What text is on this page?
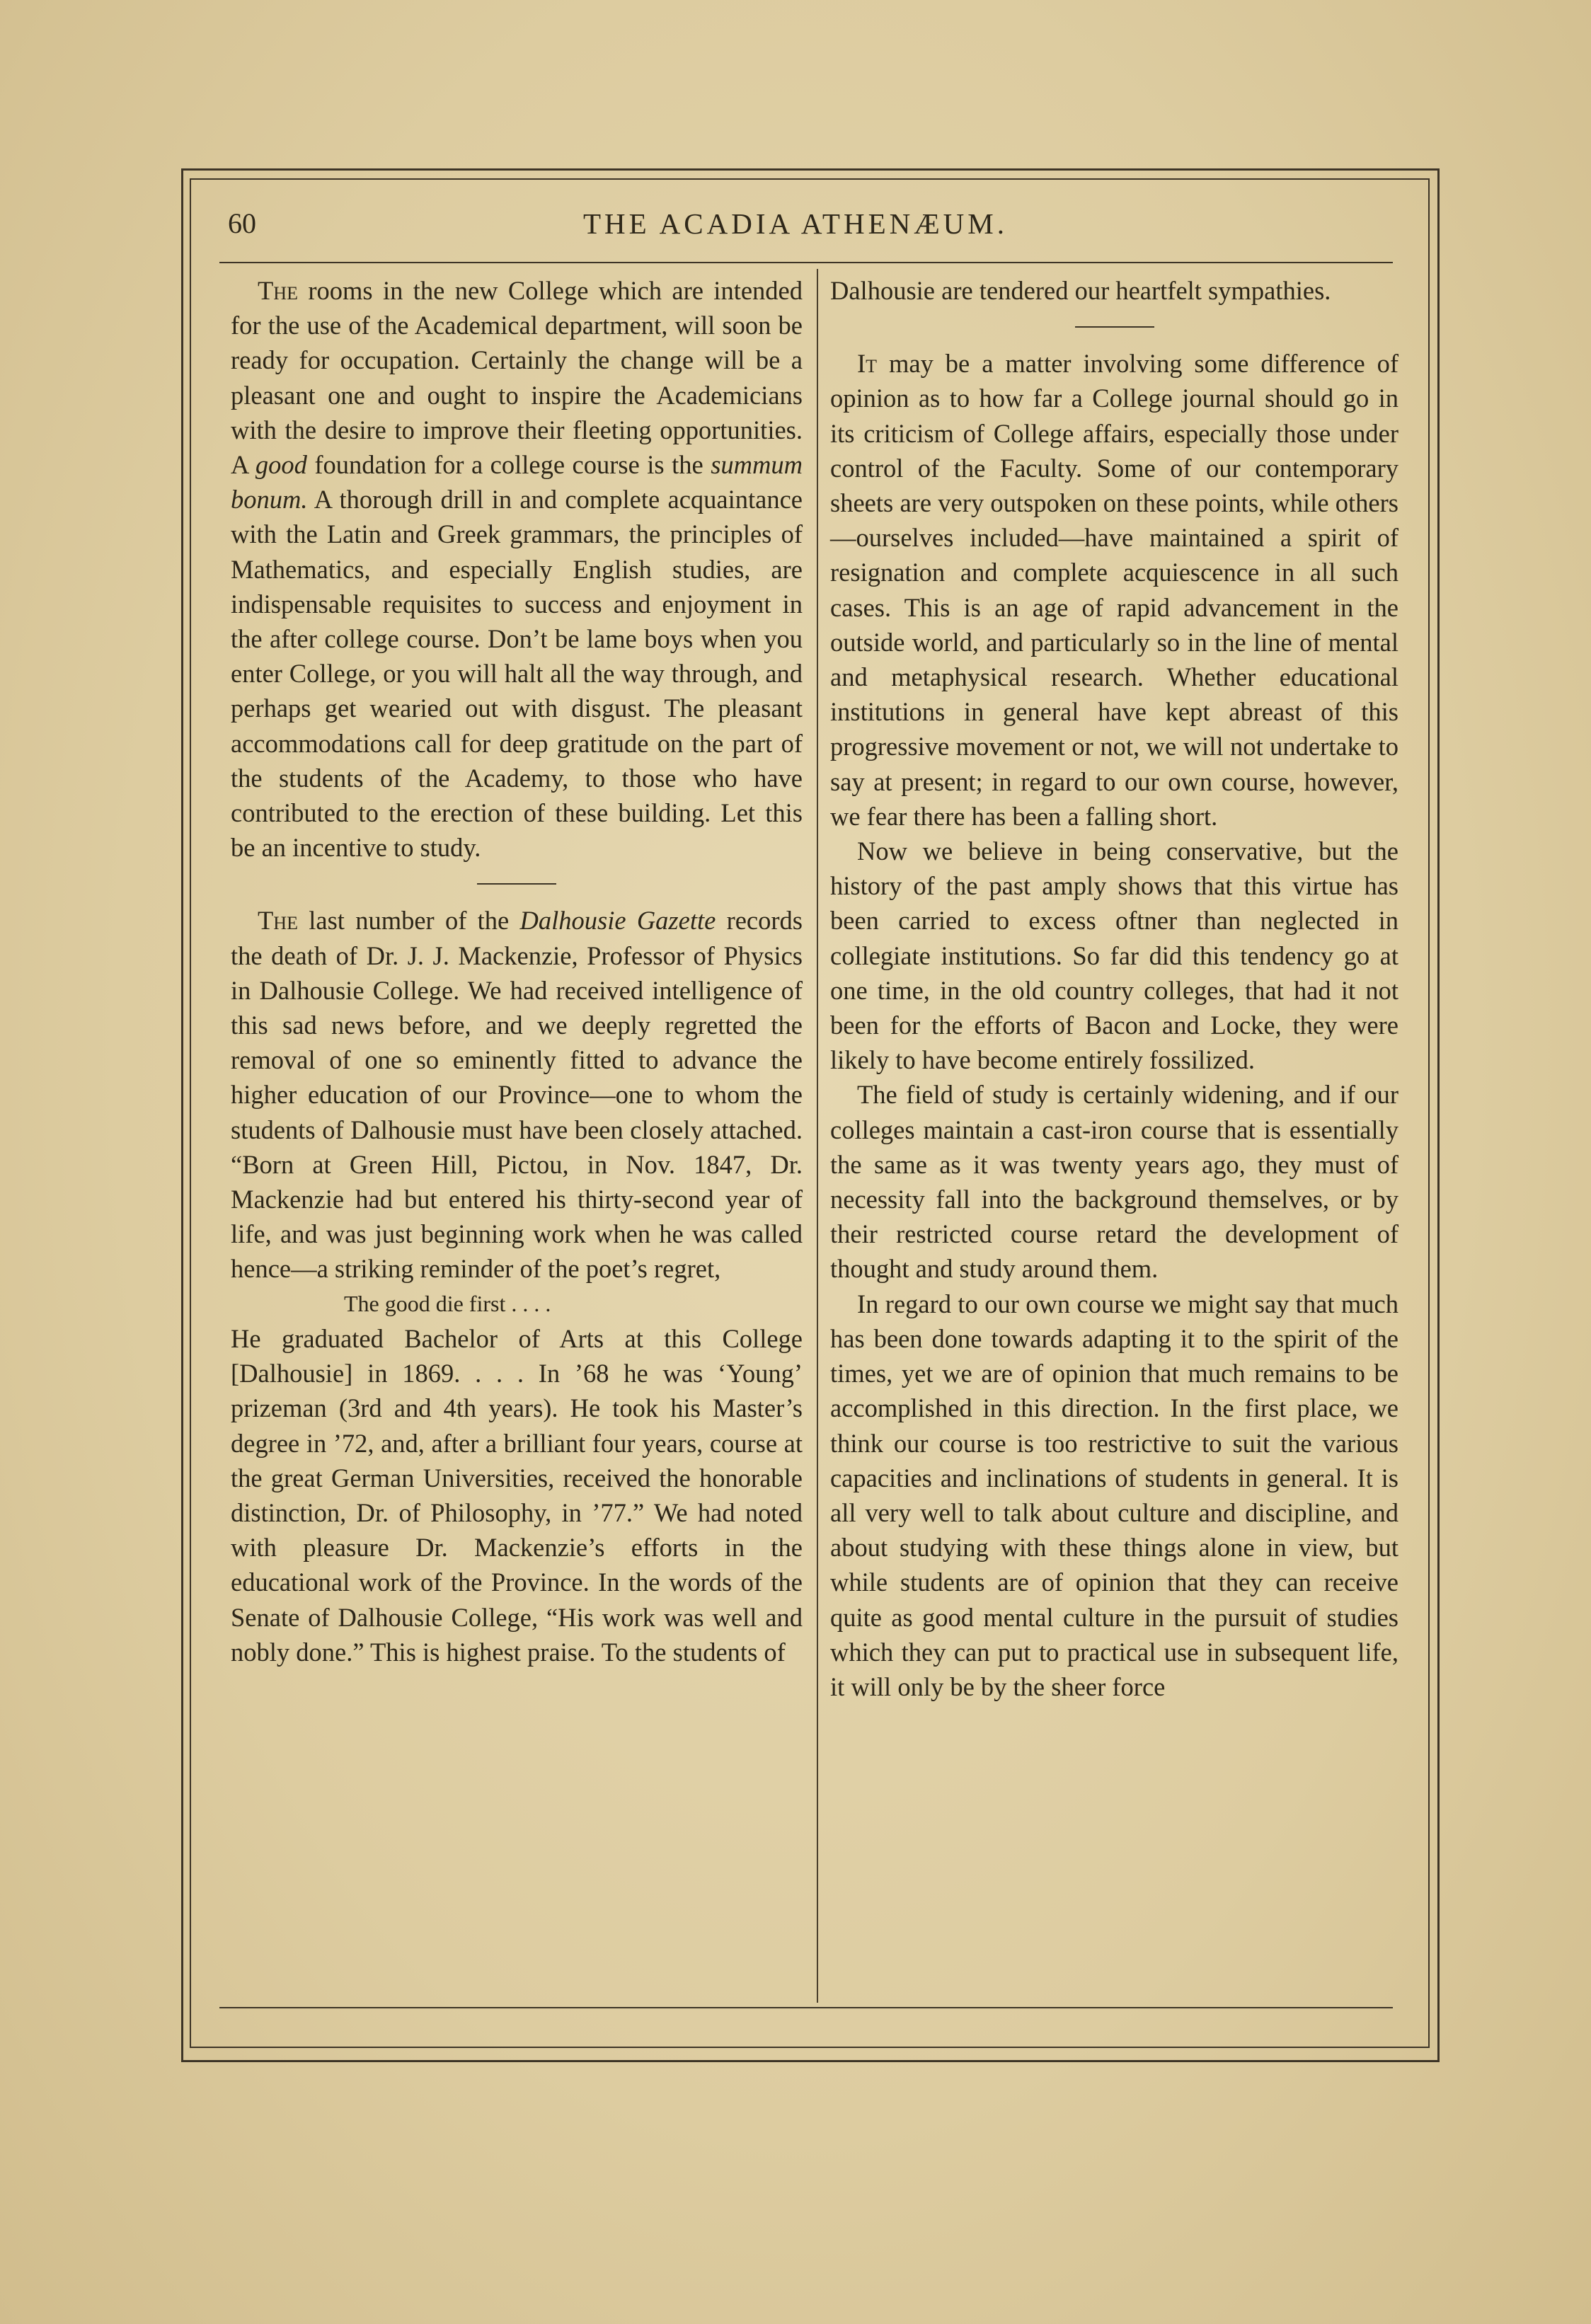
60	THE ACADIA ATHENÆUM.

The rooms in the new College which are intended for the use of the Academical department, will soon be ready for occupation. Certainly the change will be a pleasant one and ought to inspire the Academicians with the desire to improve their fleeting opportunities. A good foundation for a college course is the summum bonum. A thorough drill in and complete acquaintance with the Latin and Greek grammars, the principles of Mathematics, and especially English studies, are indispensable requisites to success and enjoyment in the after college course. Don’t be lame boys when you enter College, or you will halt all the way through, and perhaps get wearied out with disgust. The pleasant accommodations call for deep gratitude on the part of the students of the Academy, to those who have contributed to the erection of these building. Let this be an incentive to study.

The last number of the Dalhousie Gazette records the death of Dr. J. J. Mackenzie, Professor of Physics in Dalhousie College. We had received intelligence of this sad news before, and we deeply regretted the removal of one so eminently fitted to advance the higher education of our Province—one to whom the students of Dalhousie must have been closely attached. “Born at Green Hill, Pictou, in Nov. 1847, Dr. Mackenzie had but entered his thirty-second year of life, and was just beginning work when he was called hence—a striking reminder of the poet’s regret,

The good die first . . . .

He graduated Bachelor of Arts at this College [Dalhousie] in 1869. . . . In ’68 he was ‘Young’ prizeman (3rd and 4th years). He took his Master’s degree in ’72, and, after a brilliant four years, course at the great German Universities, received the honorable distinction, Dr. of Philosophy, in ’77.” We had noted with pleasure Dr. Mackenzie’s efforts in the educational work of the Province. In the words of the Senate of Dalhousie College, “His work was well and nobly done.” This is highest praise. To the students of

Dalhousie are tendered our heartfelt sympathies.

It may be a matter involving some difference of opinion as to how far a College journal should go in its criticism of College affairs, especially those under control of the Faculty. Some of our contemporary sheets are very outspoken on these points, while others—ourselves included—have maintained a spirit of resignation and complete acquiescence in all such cases. This is an age of rapid advancement in the outside world, and particularly so in the line of mental and metaphysical research. Whether educational institutions in general have kept abreast of this progressive movement or not, we will not undertake to say at present; in regard to our own course, however, we fear there has been a falling short.

Now we believe in being conservative, but the history of the past amply shows that this virtue has been carried to excess oftner than neglected in collegiate institutions. So far did this tendency go at one time, in the old country colleges, that had it not been for the efforts of Bacon and Locke, they were likely to have become entirely fossilized.

The field of study is certainly widening, and if our colleges maintain a cast-iron course that is essentially the same as it was twenty years ago, they must of necessity fall into the background themselves, or by their restricted course retard the development of thought and study around them.

In regard to our own course we might say that much has been done towards adapting it to the spirit of the times, yet we are of opinion that much remains to be accomplished in this direction. In the first place, we think our course is too restrictive to suit the various capacities and inclinations of students in general. It is all very well to talk about culture and discipline, and about studying with these things alone in view, but while students are of opinion that they can receive quite as good mental culture in the pursuit of studies which they can put to practical use in subsequent life, it will only be by the sheer force
